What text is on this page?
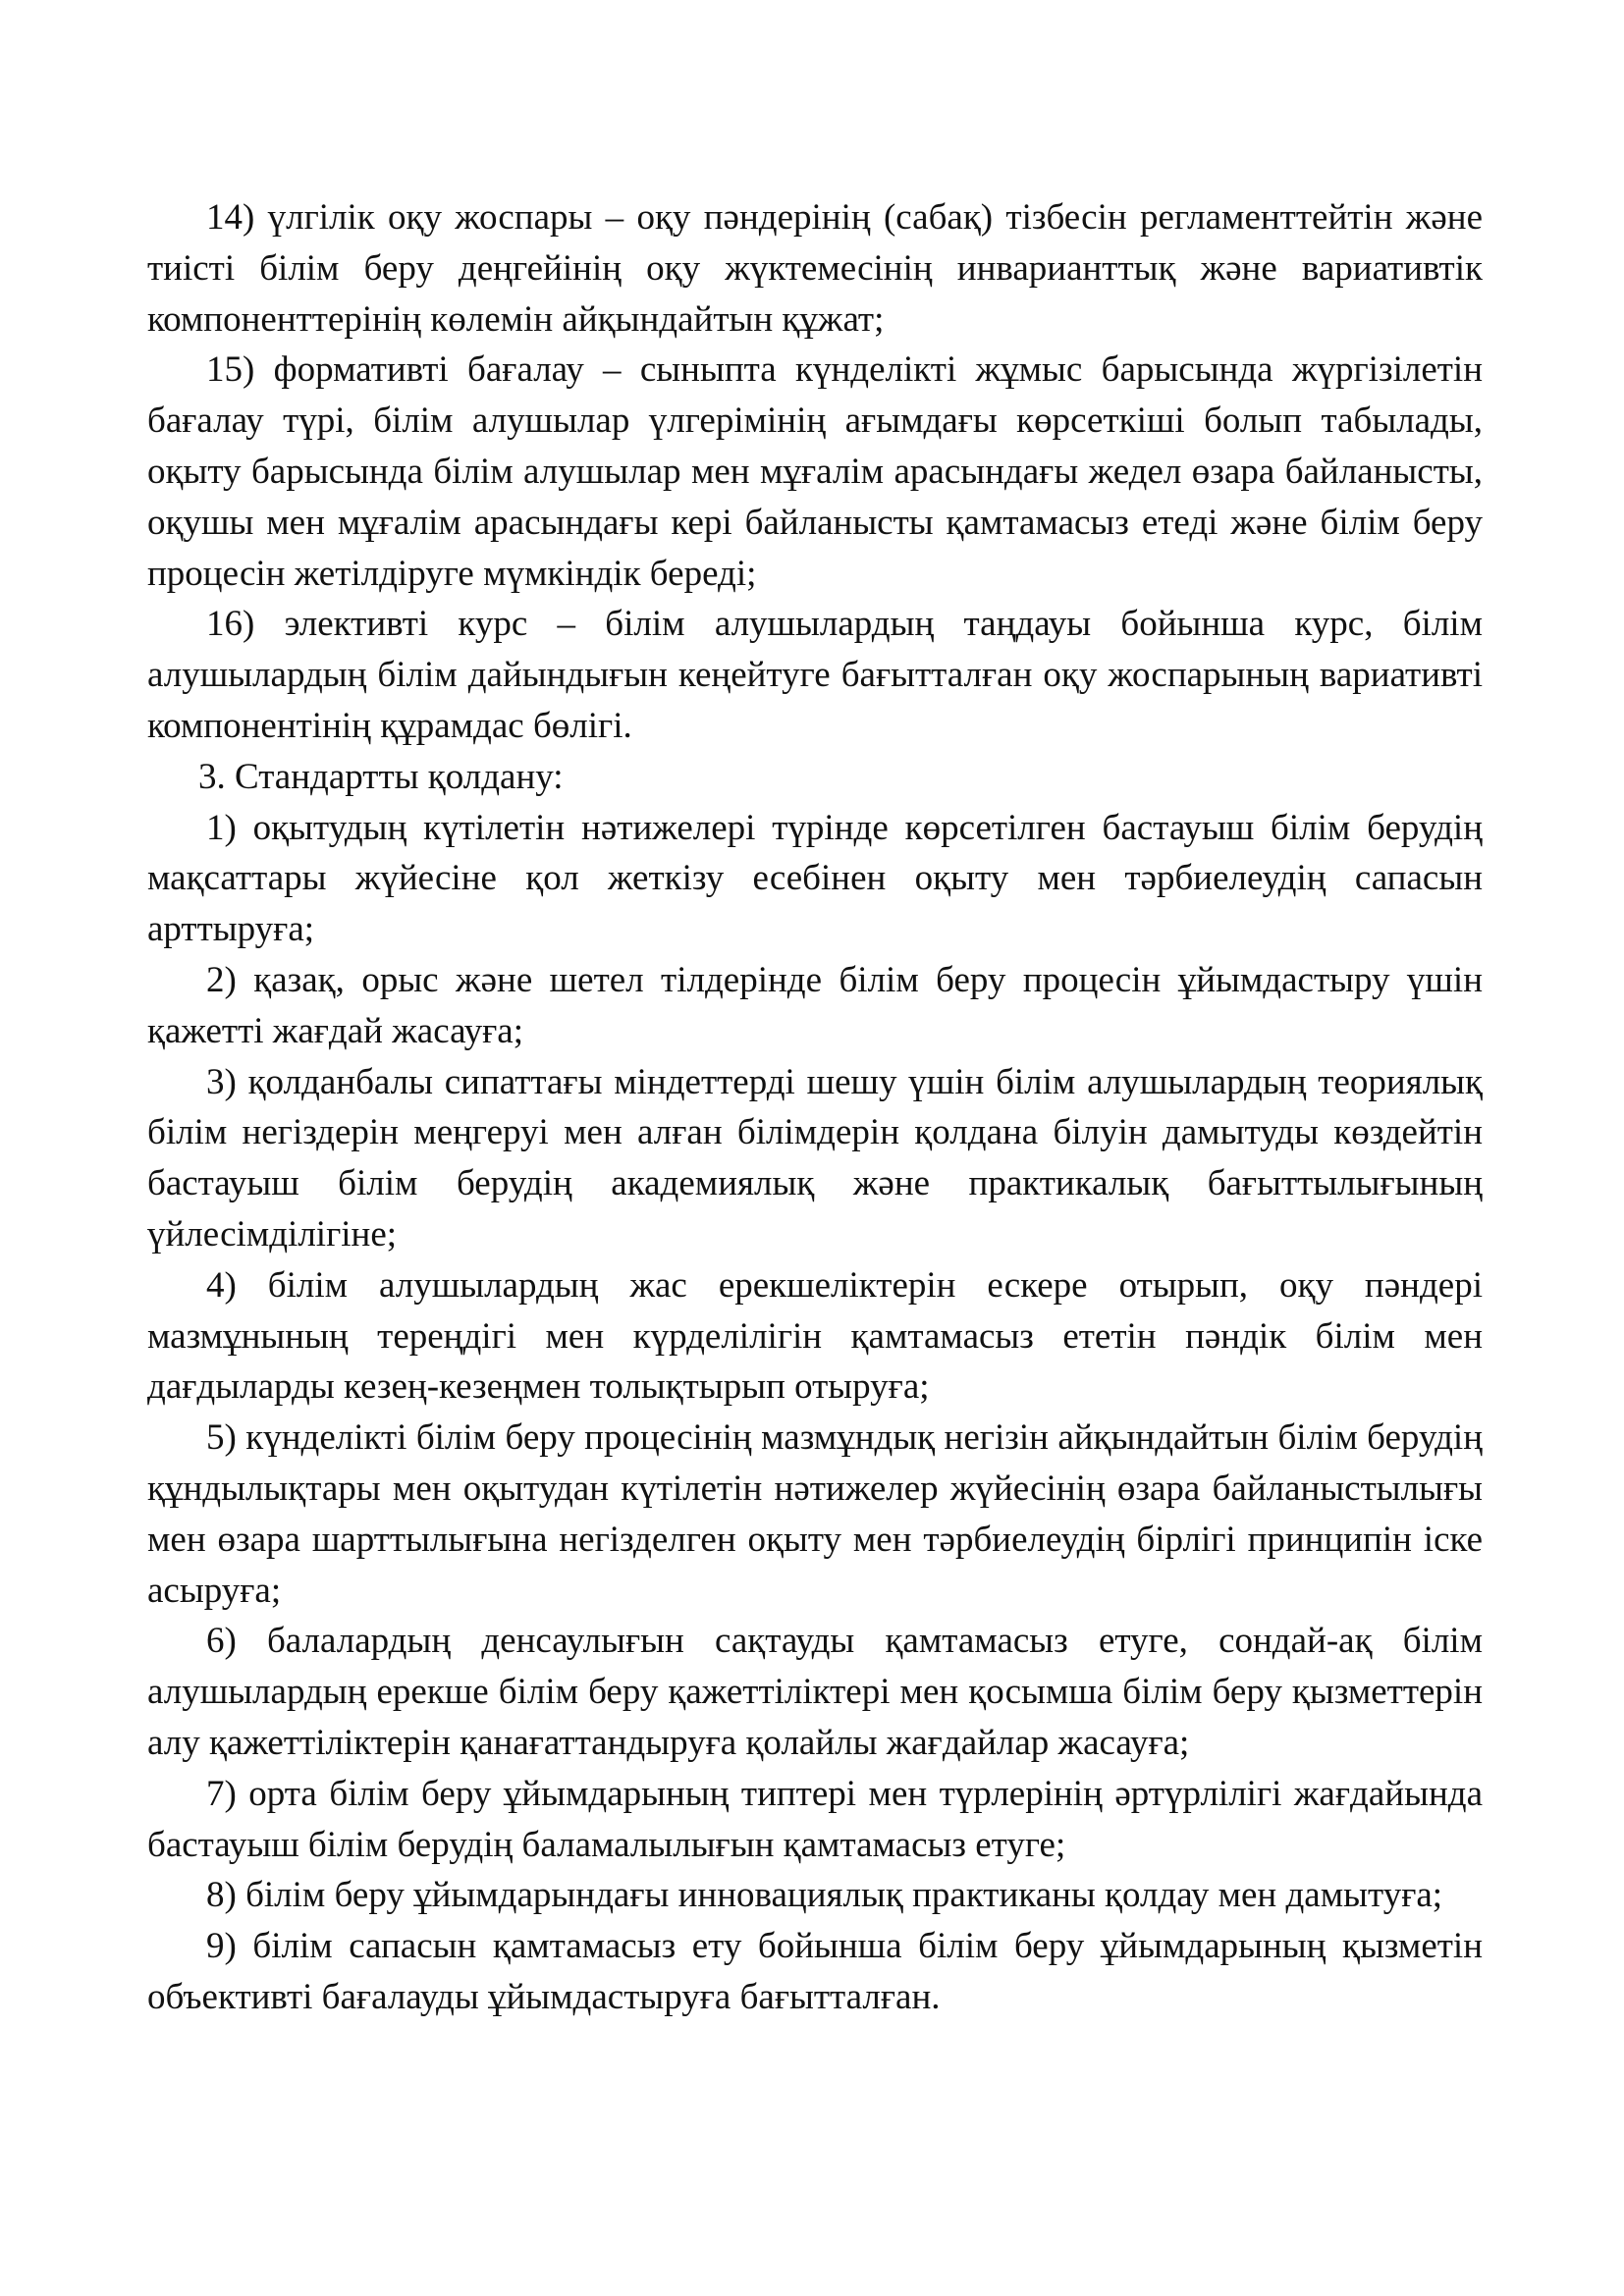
14) үлгілік оқу жоспары – оқу пәндерінің (сабақ) тізбесін регламенттейтін және тиісті білім беру деңгейінің оқу жүктемесінің инварианттық және вариативтік компоненттерінің көлемін айқындайтын құжат;

15) формативті бағалау – сыныпта күнделікті жұмыс барысында жүргізілетін бағалау түрі, білім алушылар үлгерімінің ағымдағы көрсеткіші болып табылады, оқыту барысында білім алушылар мен мұғалім арасындағы жедел өзара байланысты, оқушы мен мұғалім арасындағы кері байланысты қамтамасыз етеді және білім беру процесін жетілдіруге мүмкіндік береді;

16) элективті курс – білім алушылардың таңдауы бойынша курс, білім алушылардың білім дайындығын кеңейтуге бағытталған оқу жоспарының вариативті компонентінің құрамдас бөлігі.

3. Стандартты қолдану:

1) оқытудың күтілетін нәтижелері түрінде көрсетілген бастауыш білім берудің мақсаттары жүйесіне қол жеткізу есебінен оқыту мен тәрбиелеудің сапасын арттыруға;

2) қазақ, орыс және шетел тілдерінде білім беру процесін ұйымдастыру үшін қажетті жағдай жасауға;

3) қолданбалы сипаттағы міндеттерді шешу үшін білім алушылардың теориялық білім негіздерін меңгеруі мен алған білімдерін қолдана білуін дамытуды көздейтін бастауыш білім берудің академиялық және практикалық бағыттылығының үйлесімділігіне;

4) білім алушылардың жас ерекшеліктерін ескере отырып, оқу пәндері мазмұнының тереңдігі мен күрделілігін қамтамасыз ететін пәндік білім мен дағдыларды кезең-кезеңмен толықтырып отыруға;

5) күнделікті білім беру процесінің мазмұндық негізін айқындайтын білім берудің құндылықтары мен оқытудан күтілетін нәтижелер жүйесінің өзара байланыстылығы мен өзара шарттылығына негізделген оқыту мен тәрбиелеудің бірлігі принципін іске асыруға;

6) балалардың денсаулығын сақтауды қамтамасыз етуге, сондай-ақ білім алушылардың ерекше білім беру қажеттіліктері мен қосымша білім беру қызметтерін алу қажеттіліктерін қанағаттандыруға қолайлы жағдайлар жасауға;

7) орта білім беру ұйымдарының типтері мен түрлерінің әртүрлілігі жағдайында бастауыш білім берудің баламалылығын қамтамасыз етуге;

8) білім беру ұйымдарындағы инновациялық практиканы қолдау мен дамытуға;

9) білім сапасын қамтамасыз ету бойынша білім беру ұйымдарының қызметін объективті бағалауды ұйымдастыруға бағытталған.
